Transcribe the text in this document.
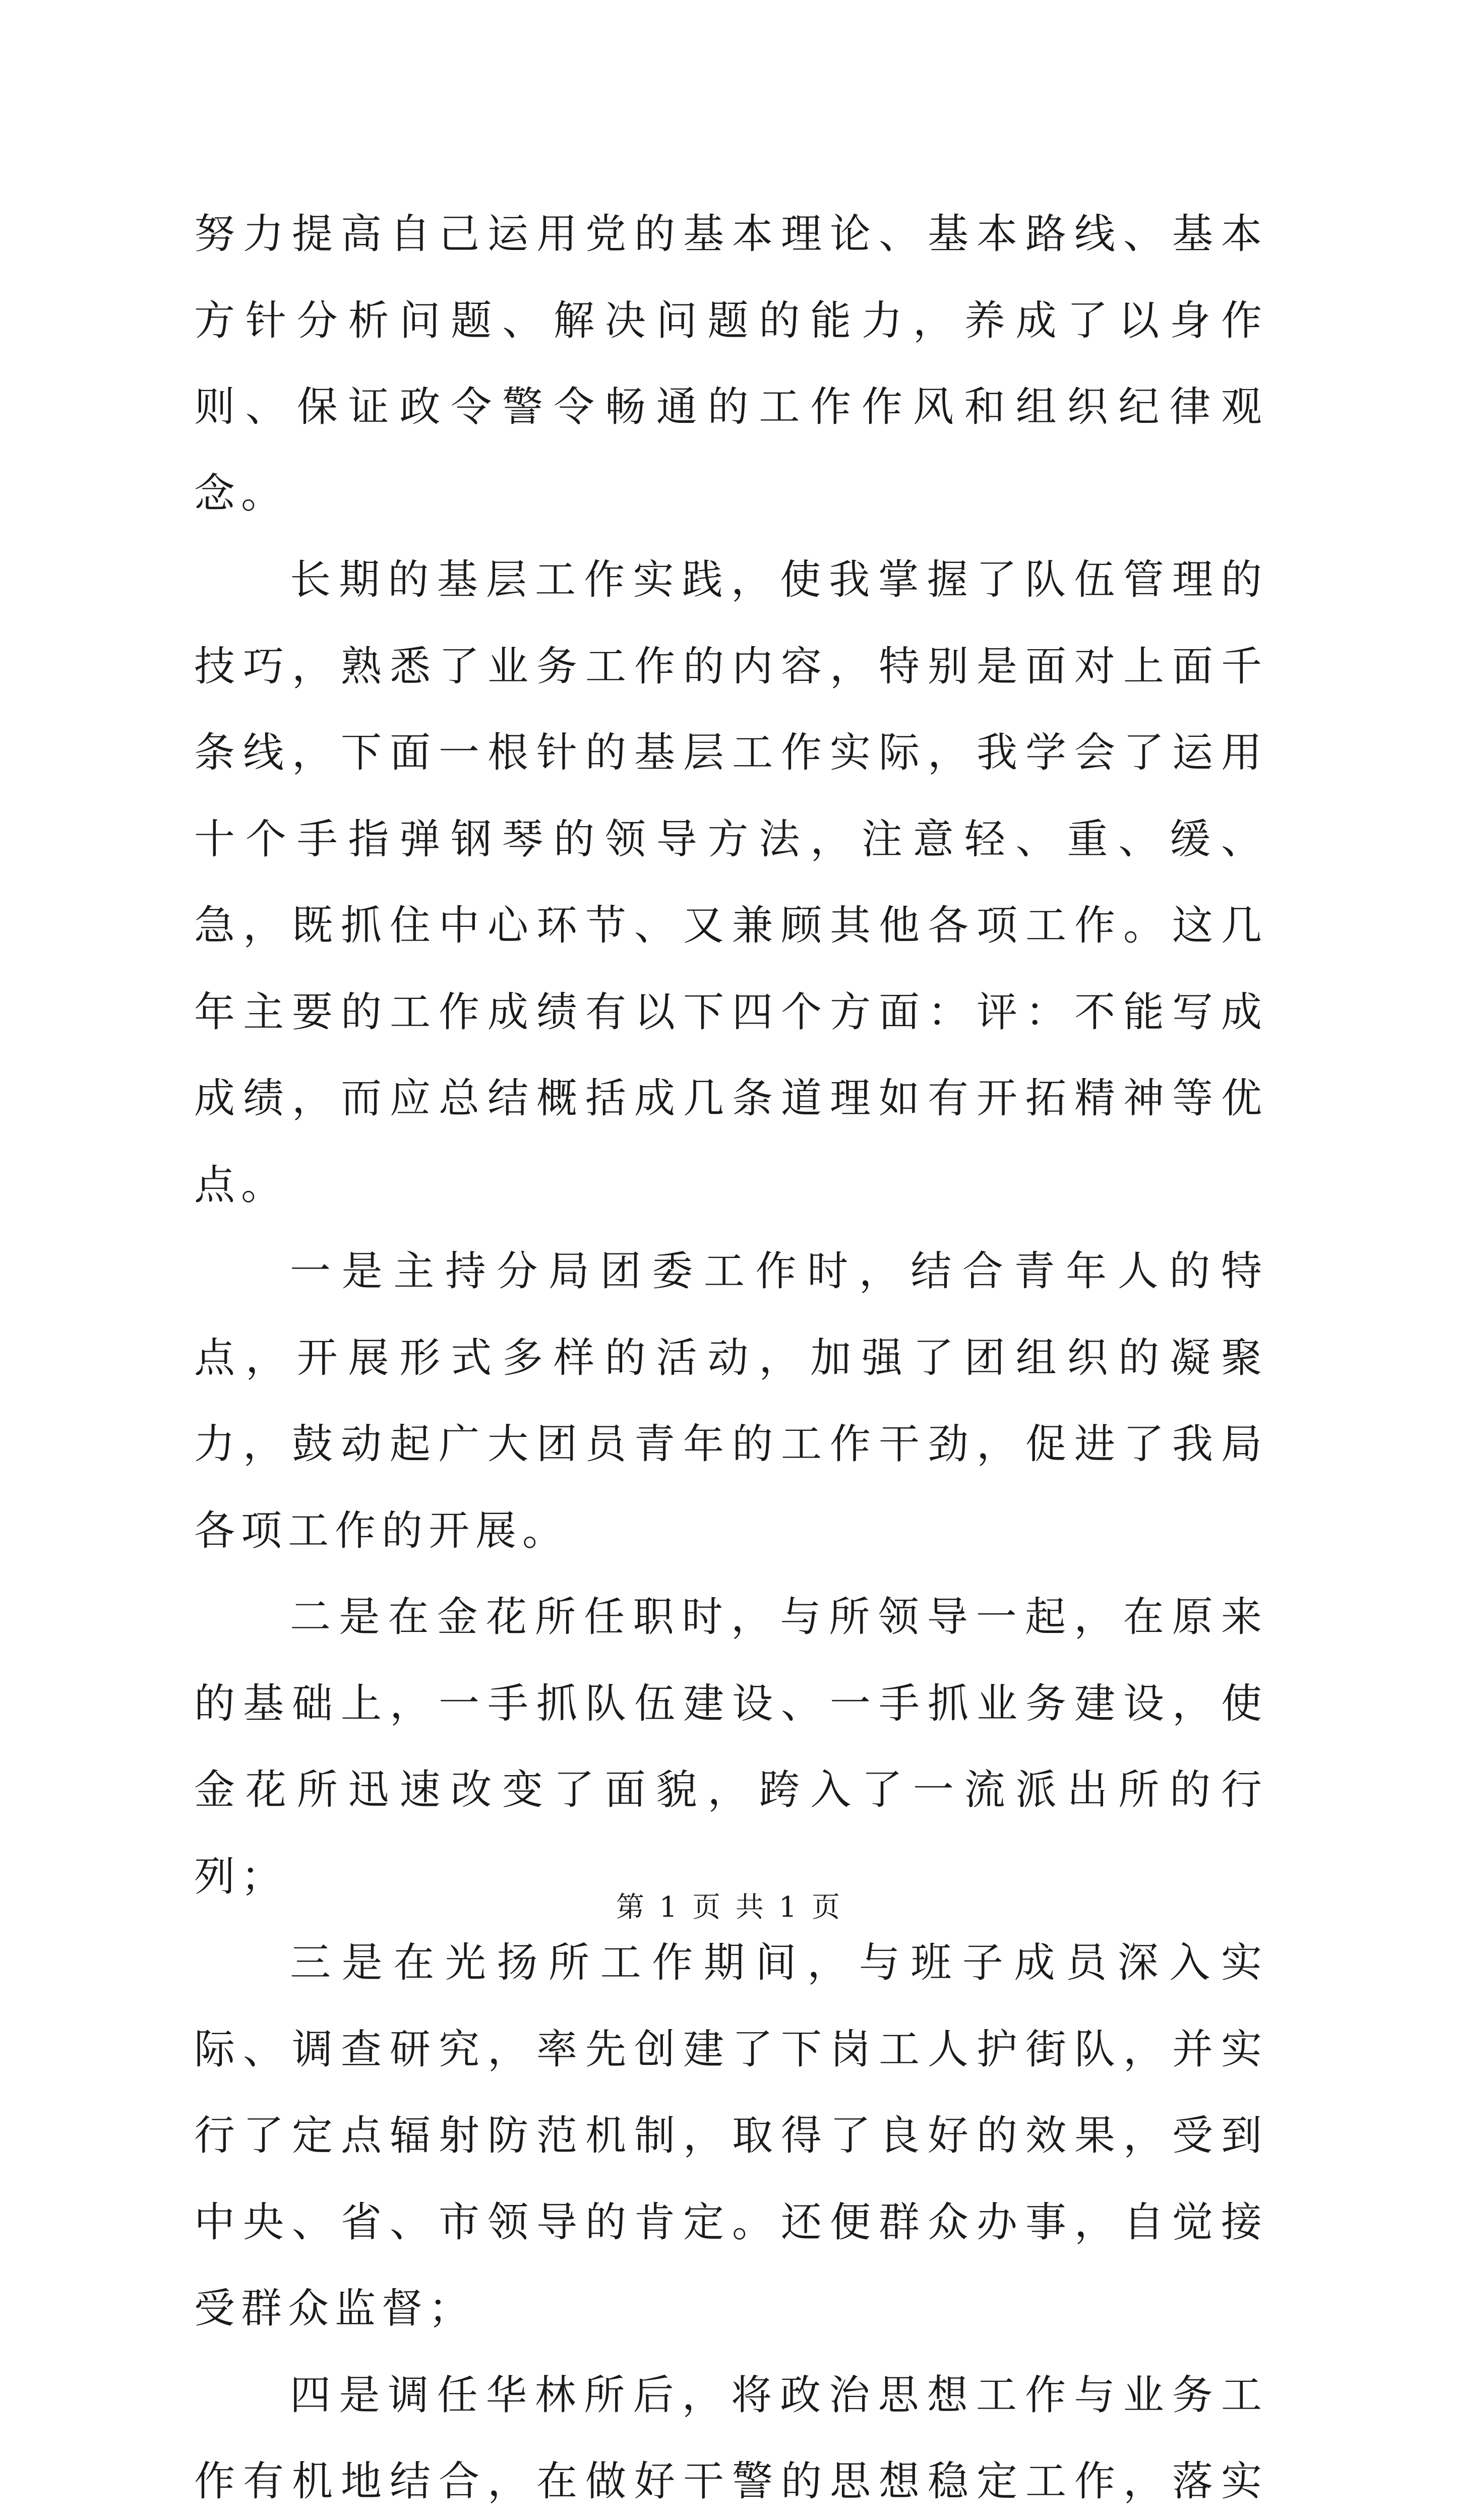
努力提高自己运用党的基本理论、基本路线、基本方针分析问题、解决问题的能力，养成了以身作则、保证政令警令畅通的工作作风和组织纪律观念。

长期的基层工作实践，使我掌握了队伍管理的技巧，熟悉了业务工作的内容，特别是面对上面千条线，下面一根针的基层工作实际，我学会了运用十个手指弹钢琴的领导方法，注意轻、重、缓、急，既抓住中心环节、又兼顾其他各项工作。这几年主要的工作成绩有以下四个方面：评：不能写成成绩，而应总结概括成几条道理如有开拓精神等优点。

一是主持分局团委工作时，结合青年人的特点，开展形式多样的活动，加强了团组织的凝聚力，鼓动起广大团员青年的工作干劲，促进了我局各项工作的开展。

二是在金花所任职时，与所领导一起，在原来的基础上，一手抓队伍建设、一手抓业务建设，使金花所迅速改变了面貌，跨入了一流派出所的行列；

三是在光扬所工作期间，与班子成员深入实际、调查研究，率先创建了下岗工人护街队，并实行了定点辐射防范机制，取得了良好的效果，受到中央、省、市领导的肯定。还便群众办事，自觉接受群众监督；

四是调任华林所后，将政治思想工作与业务工作有机地结合，在做好干警的思想稳定工作，落实

第 1 页 共 1 页
